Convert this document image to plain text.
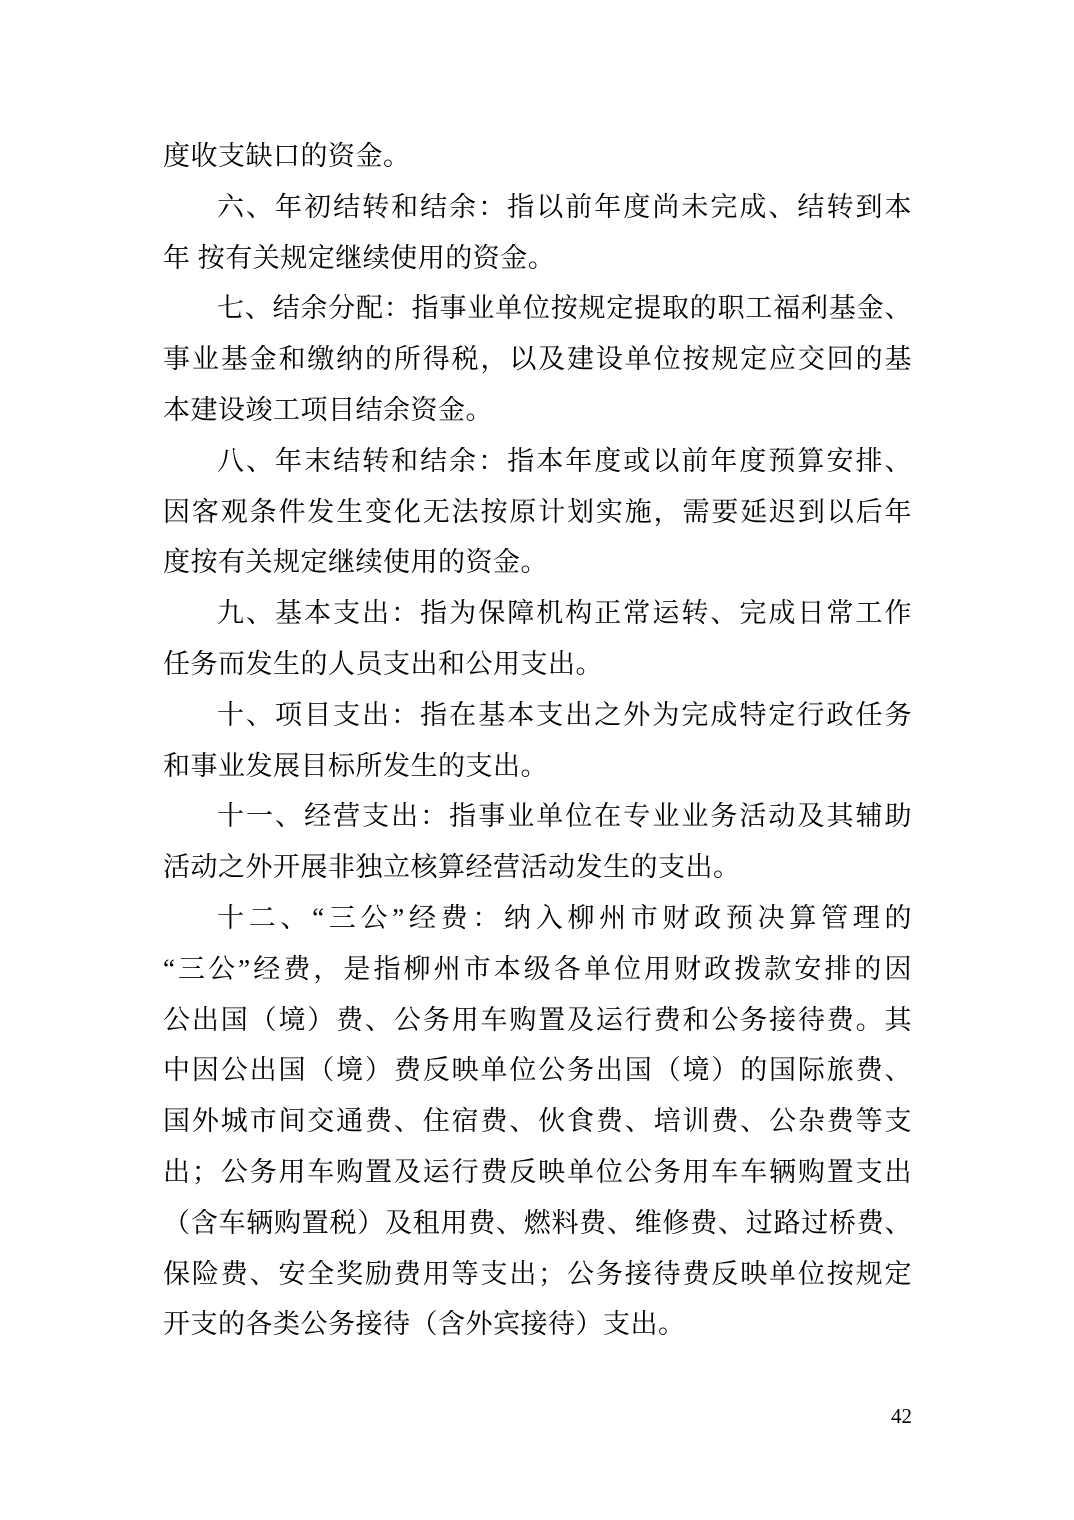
度收支缺口的资金。
六、年初结转和结余：指以前年度尚未完成、结转到本
年 按有关规定继续使用的资金。
七、结余分配：指事业单位按规定提取的职工福利基金、
事业基金和缴纳的所得税，以及建设单位按规定应交回的基
本建设竣工项目结余资金。
八、年末结转和结余：指本年度或以前年度预算安排、
因客观条件发生变化无法按原计划实施，需要延迟到以后年
度按有关规定继续使用的资金。
九、基本支出：指为保障机构正常运转、完成日常工作
任务而发生的人员支出和公用支出。
十、项目支出：指在基本支出之外为完成特定行政任务
和事业发展目标所发生的支出。
十一、经营支出：指事业单位在专业业务活动及其辅助
活动之外开展非独立核算经营活动发生的支出。
十二、“三公”经费：纳入柳州市财政预决算管理的
“三公”经费，是指柳州市本级各单位用财政拨款安排的因
公出国（境）费、公务用车购置及运行费和公务接待费。其
中因公出国（境）费反映单位公务出国（境）的国际旅费、
国外城市间交通费、住宿费、伙食费、培训费、公杂费等支
出；公务用车购置及运行费反映单位公务用车车辆购置支出
（含车辆购置税）及租用费、燃料费、维修费、过路过桥费、
保险费、安全奖励费用等支出；公务接待费反映单位按规定
开支的各类公务接待（含外宾接待）支出。
42
